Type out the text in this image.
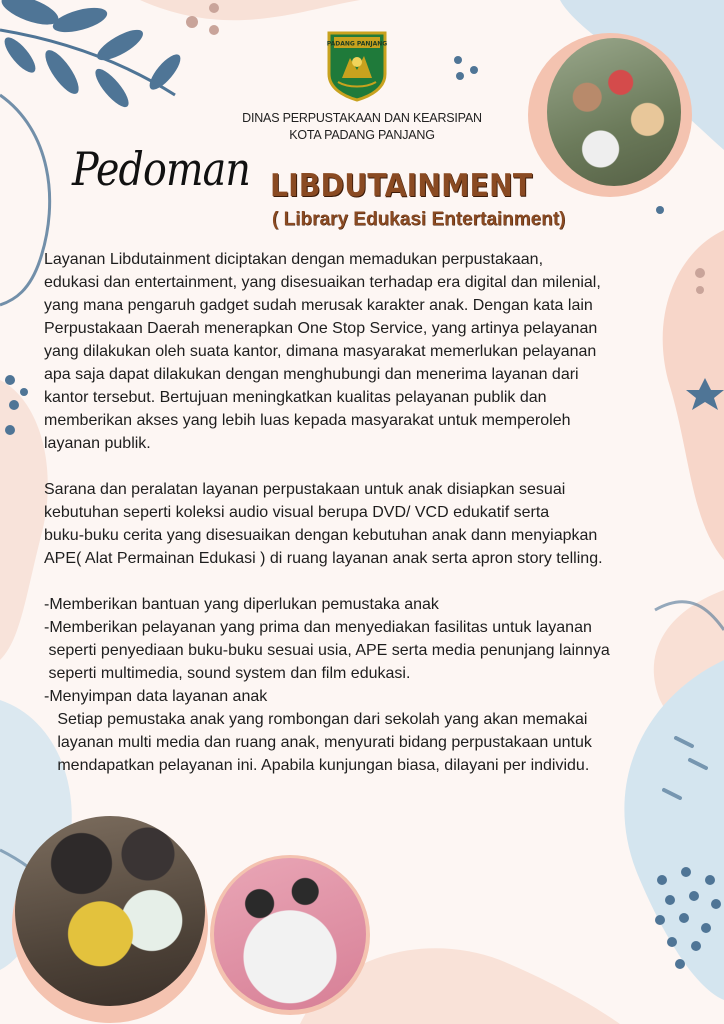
PADANG PANJANG
DINAS PERPUSTAKAAN DAN KEARSIPAN
KOTA PADANG PANJANG
Pedoman LIBDUTAINMENT
( Library Edukasi Entertainment)
Layanan Libdutainment diciptakan dengan memadukan perpustakaan,
edukasi dan entertainment, yang disesuaikan terhadap era digital dan milenial,
yang mana pengaruh gadget sudah merusak karakter anak. Dengan kata lain
Perpustakaan Daerah menerapkan One Stop Service, yang artinya pelayanan
yang dilakukan oleh suata kantor, dimana masyarakat memerlukan pelayanan
apa saja dapat dilakukan dengan menghubungi dan menerima layanan dari
kantor tersebut. Bertujuan meningkatkan kualitas pelayanan publik dan
memberikan akses yang lebih luas kepada masyarakat untuk memperoleh
layanan publik.
Sarana dan peralatan layanan perpustakaan untuk anak disiapkan sesuai
kebutuhan seperti koleksi audio visual berupa DVD/ VCD edukatif serta
buku-buku cerita yang disesuaikan dengan kebutuhan anak dann menyiapkan
APE( Alat Permainan Edukasi ) di ruang layanan anak serta apron story telling.
-Memberikan bantuan yang diperlukan pemustaka anak
-Memberikan pelayanan yang prima dan menyediakan fasilitas untuk layanan
seperti penyediaan buku-buku sesuai usia, APE serta media penunjang lainnya
seperti multimedia, sound system dan film edukasi.
-Menyimpan data layanan anak
Setiap pemustaka anak yang rombongan dari sekolah yang akan memakai
layanan multi media dan ruang anak, menyurati bidang perpustakaan untuk
mendapatkan pelayanan ini. Apabila kunjungan biasa, dilayani per individu.
